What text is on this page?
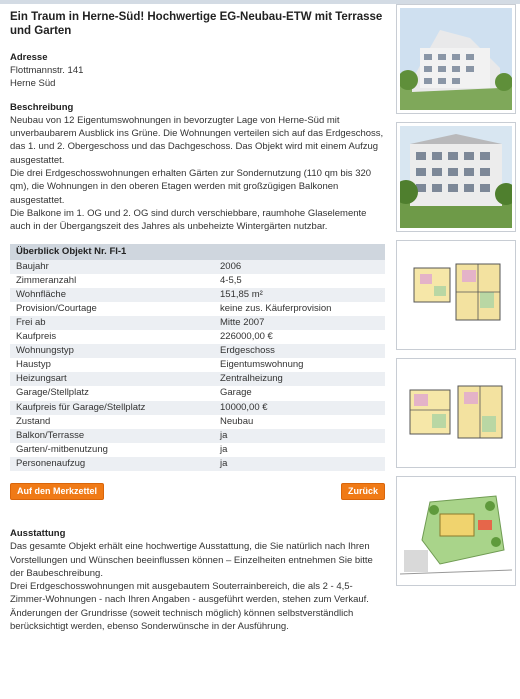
Ein Traum in Herne-Süd! Hochwertige EG-Neubau-ETW mit Terrasse und Garten

Adresse

Flottmannstr. 141

Herne Süd

Beschreibung

Neubau von 12 Eigentumswohnungen in bevorzugter Lage von Herne-Süd mit unverbaubarem Ausblick ins Grüne. Die Wohnungen verteilen sich auf das Erdgeschoss, das 1. und 2. Obergeschoss und das Dachgeschoss. Das Objekt wird mit einem Aufzug ausgestattet.

Die drei Erdgeschosswohnungen erhalten Gärten zur Sondernutzung (110 qm bis 320 qm), die Wohnungen in den oberen Etagen werden mit großzügigen Balkonen ausgestattet.

Die Balkone im 1. OG und 2. OG sind durch verschiebbare, raumhohe Glaselemente auch in der Übergangszeit des Jahres als unbeheizte Wintergärten nutzbar.

Überblick Objekt Nr. FI-1	
Baujahr	2006
Zimmeranzahl	4-5,5
Wohnfläche	151,85 m²
Provision/Courtage	keine zus. Käuferprovision
Frei ab	Mitte 2007
Kaufpreis	226000,00 €
Wohnungstyp	Erdgeschoss
Haustyp	Eigentumswohnung
Heizungsart	Zentralheizung
Garage/Stellplatz	Garage
Kaufpreis für Garage/Stellplatz	10000,00 €
Zustand	Neubau
Balkon/Terrasse	ja
Garten/-mitbenutzung	ja
Personenaufzug	ja
Auf den Merkzettel	Zurück

Ausstattung

Das gesamte Objekt erhält eine hochwertige Ausstattung, die Sie natürlich nach Ihren Vorstellungen und Wünschen beeinflussen können – Einzelheiten entnehmen Sie bitte der Baubeschreibung.

Drei Erdgeschosswohnungen mit ausgebautem Souterrainbereich, die als 2 - 4,5-Zimmer-Wohnungen - nach Ihren Angaben - ausgeführt werden, stehen zum Verkauf. Änderungen der Grundrisse (soweit technisch möglich) können selbstverständlich berücksichtigt werden, ebenso Sonderwünsche in der Ausführung.
